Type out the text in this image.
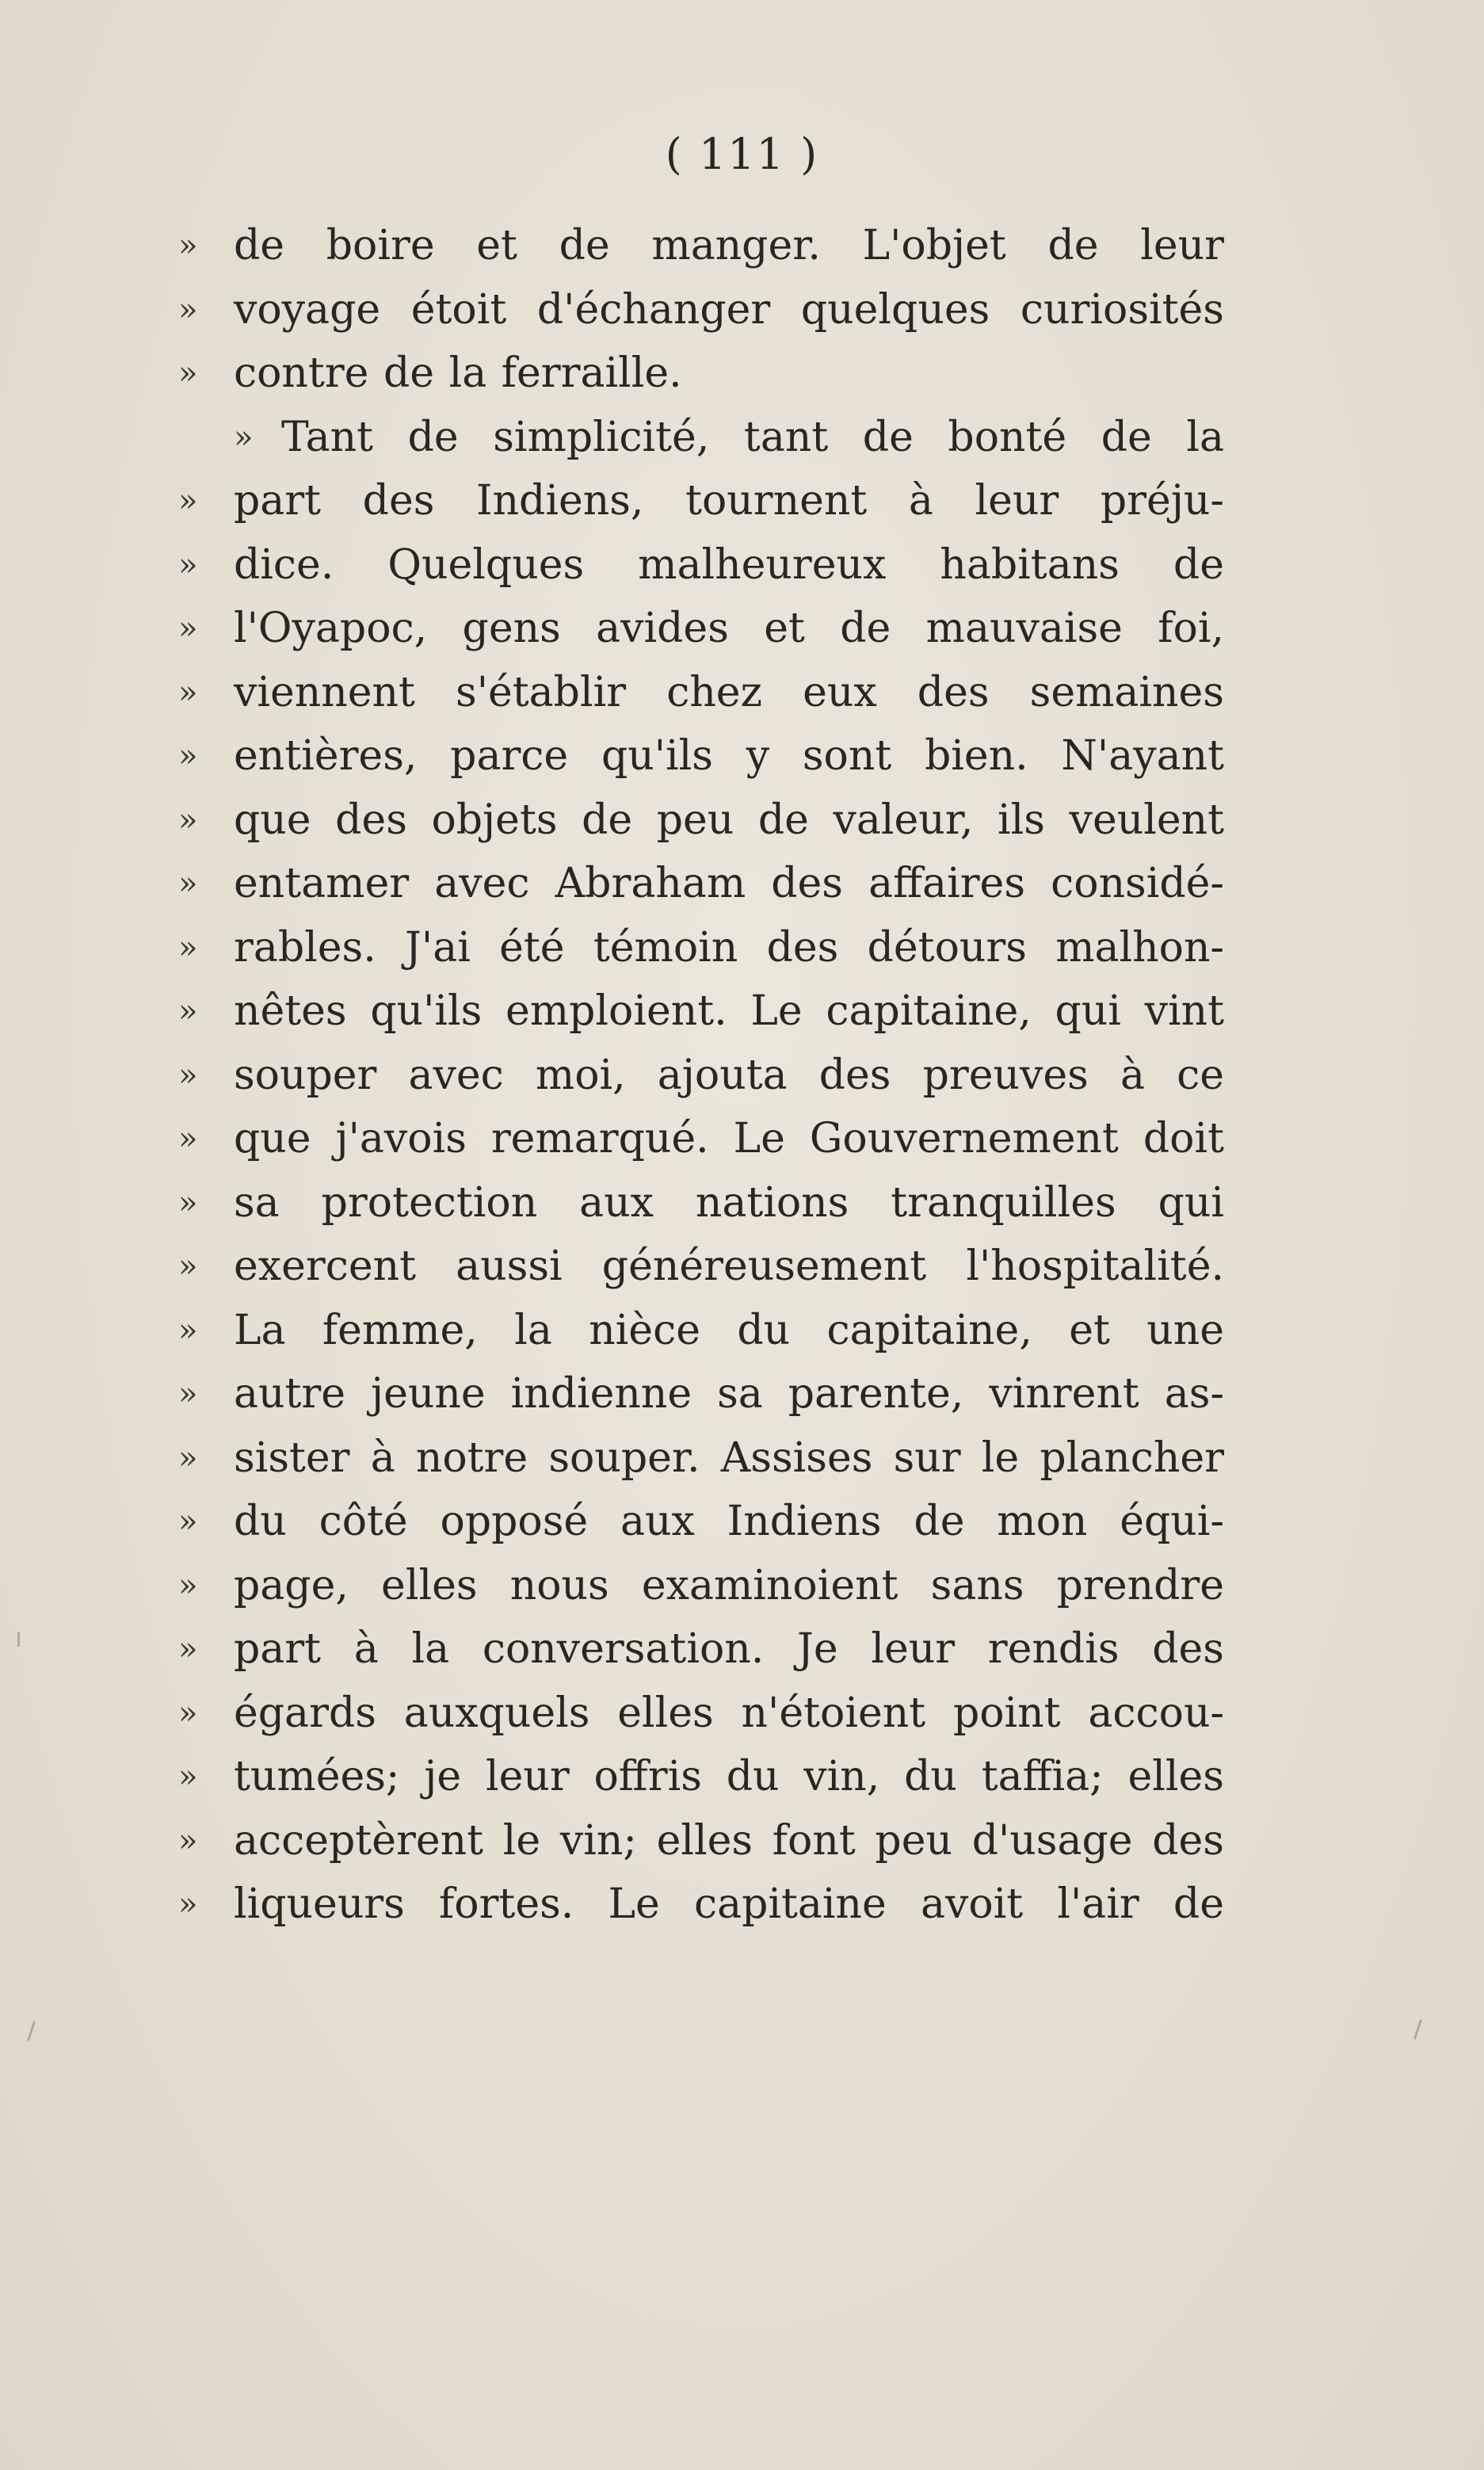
( 111 )
» de boire et de manger. L'objet de leur
» voyage étoit d'échanger quelques curiosités
» contre de la ferraille.
» Tant de simplicité, tant de bonté de la
» part des Indiens, tournent à leur préju-
» dice. Quelques malheureux habitans de
» l'Oyapoc, gens avides et de mauvaise foi,
» viennent s'établir chez eux des semaines
» entières, parce qu'ils y sont bien. N'ayant
» que des objets de peu de valeur, ils veulent
» entamer avec Abraham des affaires considé-
» rables. J'ai été témoin des détours malhon-
» nêtes qu'ils emploient. Le capitaine, qui vint
» souper avec moi, ajouta des preuves à ce
» que j'avois remarqué. Le Gouvernement doit
» sa protection aux nations tranquilles qui
» exercent aussi généreusement l'hospitalité.
» La femme, la nièce du capitaine, et une
» autre jeune indienne sa parente, vinrent as-
» sister à notre souper. Assises sur le plancher
» du côté opposé aux Indiens de mon équi-
» page, elles nous examinoient sans prendre
» part à la conversation. Je leur rendis des
» égards auxquels elles n'étoient point accou-
» tumées; je leur offris du vin, du taffia; elles
» acceptèrent le vin; elles font peu d'usage des
» liqueurs fortes. Le capitaine avoit l'air de
